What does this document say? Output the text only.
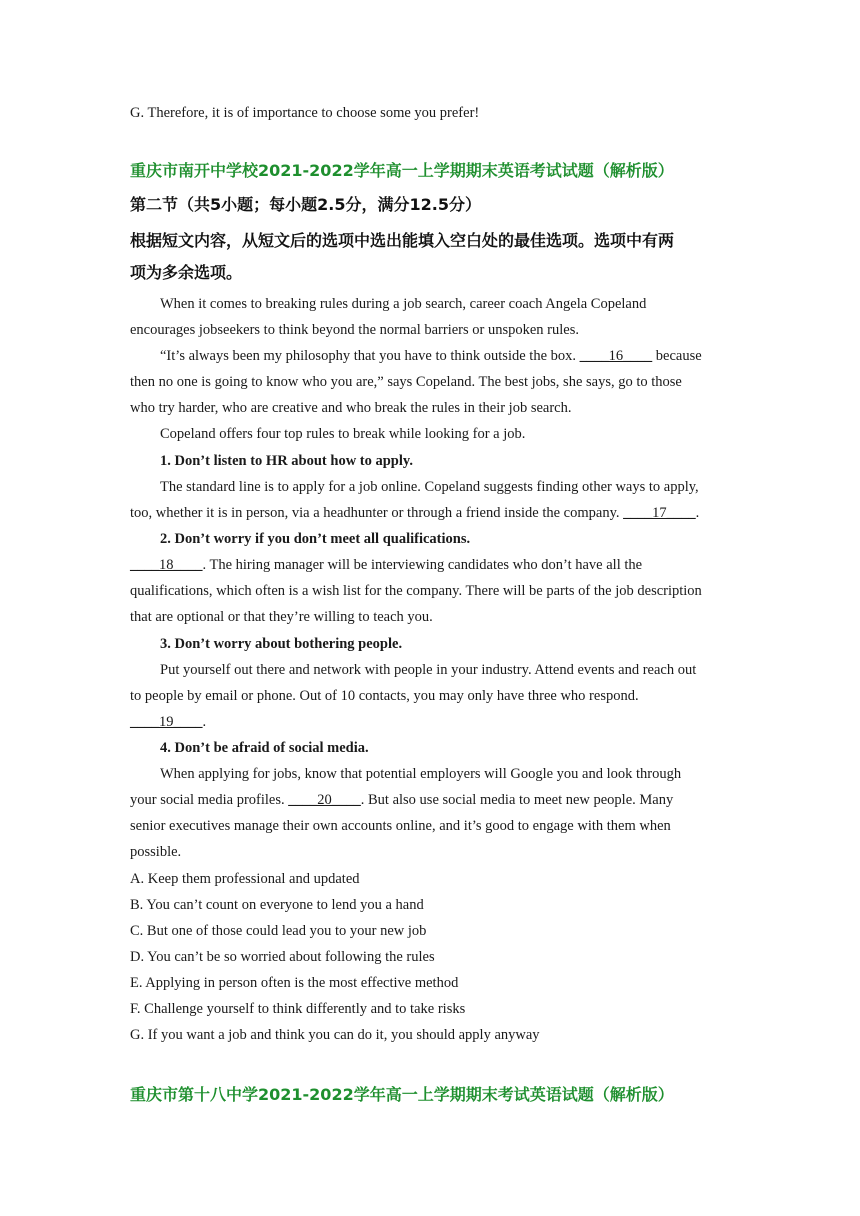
G. Therefore, it is of importance to choose some you prefer!
重庆市南开中学校2021-2022学年高一上学期期末英语考试试题（解析版）
第二节（共5小题；每小题2.5分，满分12.5分）
根据短文内容，从短文后的选项中选出能填入空白处的最佳选项。选项中有两
项为多余选项。
When it comes to breaking rules during a job search, career coach Angela Copeland
encourages jobseekers to think beyond the normal barriers or unspoken rules.
“It’s always been my philosophy that you have to think outside the box. ____16____ because
then no one is going to know who you are,” says Copeland. The best jobs, she says, go to those
who try harder, who are creative and who break the rules in their job search.
Copeland offers four top rules to break while looking for a job.
1. Don’t listen to HR about how to apply.
The standard line is to apply for a job online. Copeland suggests finding other ways to apply,
too, whether it is in person, via a headhunter or through a friend inside the company. ____17____.
2. Don’t worry if you don’t meet all qualifications.
____18____. The hiring manager will be interviewing candidates who don’t have all the
qualifications, which often is a wish list for the company. There will be parts of the job description
that are optional or that they’re willing to teach you.
3. Don’t worry about bothering people.
Put yourself out there and network with people in your industry. Attend events and reach out
to people by email or phone. Out of 10 contacts, you may only have three who respond.
____19____.
4. Don’t be afraid of social media.
When applying for jobs, know that potential employers will Google you and look through
your social media profiles. ____20____. But also use social media to meet new people. Many
senior executives manage their own accounts online, and it’s good to engage with them when
possible.
A. Keep them professional and updated
B. You can’t count on everyone to lend you a hand
C. But one of those could lead you to your new job
D. You can’t be so worried about following the rules
E. Applying in person often is the most effective method
F. Challenge yourself to think differently and to take risks
G. If you want a job and think you can do it, you should apply anyway
重庆市第十八中学2021-2022学年高一上学期期末考试英语试题（解析版）
